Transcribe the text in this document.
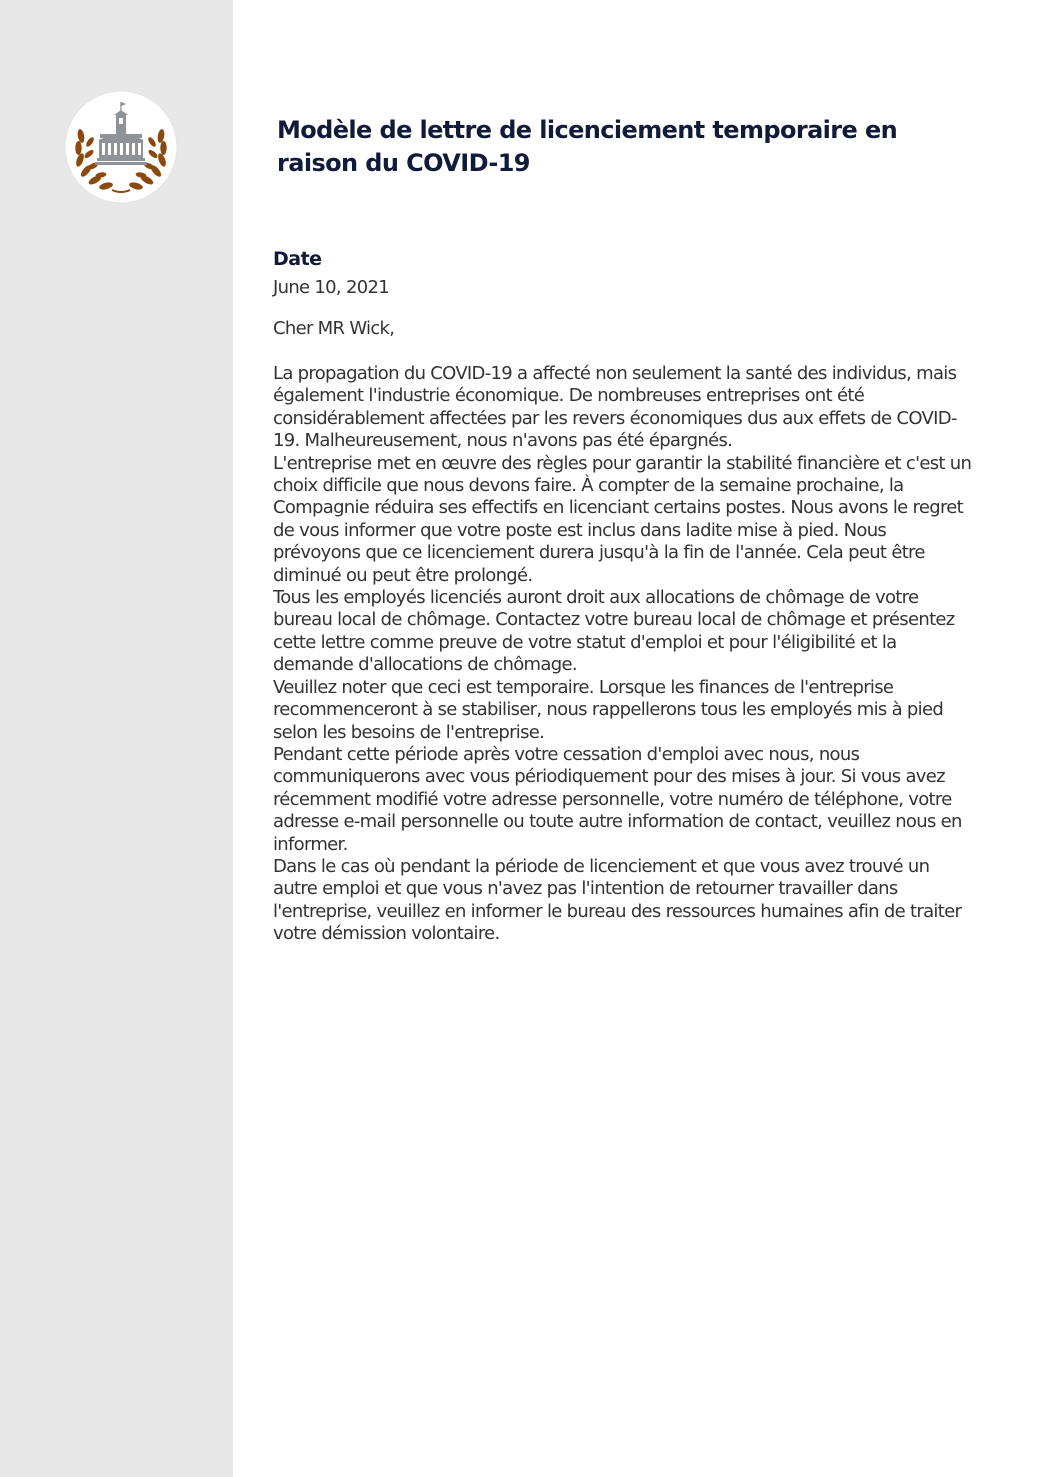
Modèle de lettre de licenciement temporaire en raison du COVID-19
Date
June 10, 2021
Cher MR Wick,

La propagation du COVID-19 a affecté non seulement la santé des individus, mais également l'industrie économique. De nombreuses entreprises ont été considérablement affectées par les revers économiques dus aux effets de COVID-19. Malheureusement, nous n'avons pas été épargnés.

L'entreprise met en œuvre des règles pour garantir la stabilité financière et c'est un choix difficile que nous devons faire. À compter de la semaine prochaine, la Compagnie réduira ses effectifs en licenciant certains postes. Nous avons le regret de vous informer que votre poste est inclus dans ladite mise à pied. Nous prévoyons que ce licenciement durera jusqu'à la fin de l'année. Cela peut être diminué ou peut être prolongé.

Tous les employés licenciés auront droit aux allocations de chômage de votre bureau local de chômage. Contactez votre bureau local de chômage et présentez cette lettre comme preuve de votre statut d'emploi et pour l'éligibilité et la demande d'allocations de chômage.

Veuillez noter que ceci est temporaire. Lorsque les finances de l'entreprise recommenceront à se stabiliser, nous rappellerons tous les employés mis à pied selon les besoins de l'entreprise.

Pendant cette période après votre cessation d'emploi avec nous, nous communiquerons avec vous périodiquement pour des mises à jour. Si vous avez récemment modifié votre adresse personnelle, votre numéro de téléphone, votre adresse e-mail personnelle ou toute autre information de contact, veuillez nous en informer.

Dans le cas où pendant la période de licenciement et que vous avez trouvé un autre emploi et que vous n'avez pas l'intention de retourner travailler dans l'entreprise, veuillez en informer le bureau des ressources humaines afin de traiter votre démission volontaire.
